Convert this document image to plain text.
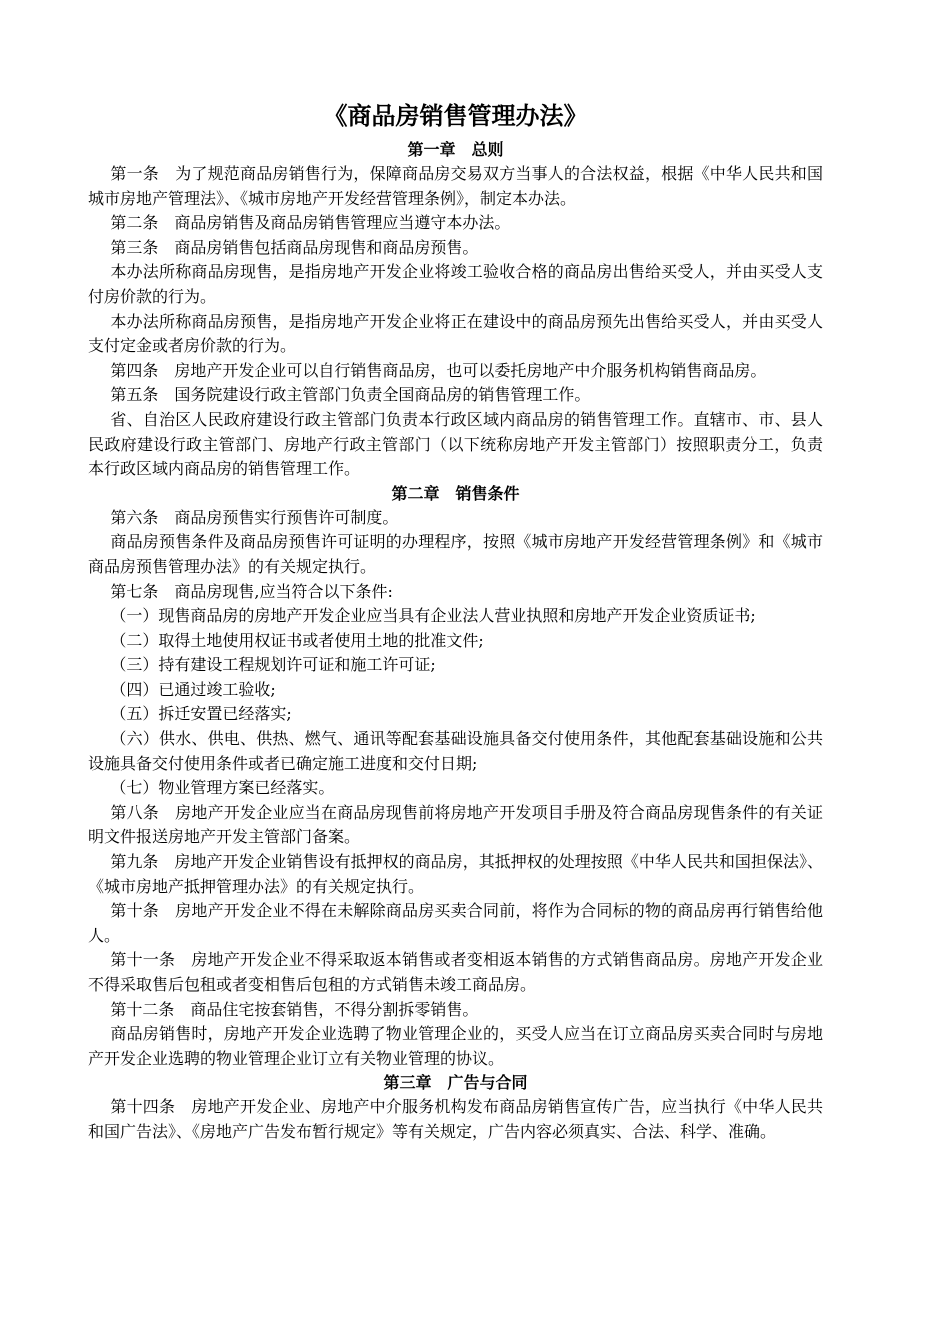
《商品房销售管理办法》
第一章　总则

第一条　为了规范商品房销售行为，保障商品房交易双方当事人的合法权益，根据《中华人民共和国城市房地产管理法》、《城市房地产开发经营管理条例》，制定本办法。

第二条　商品房销售及商品房销售管理应当遵守本办法。

第三条　商品房销售包括商品房现售和商品房预售。

本办法所称商品房现售，是指房地产开发企业将竣工验收合格的商品房出售给买受人，并由买受人支付房价款的行为。

本办法所称商品房预售，是指房地产开发企业将正在建设中的商品房预先出售给买受人，并由买受人支付定金或者房价款的行为。

第四条　房地产开发企业可以自行销售商品房，也可以委托房地产中介服务机构销售商品房。

第五条　国务院建设行政主管部门负责全国商品房的销售管理工作。

省、自治区人民政府建设行政主管部门负责本行政区域内商品房的销售管理工作。直辖市、市、县人民政府建设行政主管部门、房地产行政主管部门（以下统称房地产开发主管部门）按照职责分工，负责本行政区域内商品房的销售管理工作。

第二章　销售条件

第六条　商品房预售实行预售许可制度。

商品房预售条件及商品房预售许可证明的办理程序，按照《城市房地产开发经营管理条例》和《城市商品房预售管理办法》的有关规定执行。

第七条　商品房现售,应当符合以下条件:

（一）现售商品房的房地产开发企业应当具有企业法人营业执照和房地产开发企业资质证书;

（二）取得土地使用权证书或者使用土地的批准文件;

（三）持有建设工程规划许可证和施工许可证;

（四）已通过竣工验收;

（五）拆迁安置已经落实;

（六）供水、供电、供热、燃气、通讯等配套基础设施具备交付使用条件，其他配套基础设施和公共设施具备交付使用条件或者已确定施工进度和交付日期;

（七）物业管理方案已经落实。

第八条　房地产开发企业应当在商品房现售前将房地产开发项目手册及符合商品房现售条件的有关证明文件报送房地产开发主管部门备案。

第九条　房地产开发企业销售设有抵押权的商品房，其抵押权的处理按照《中华人民共和国担保法》、《城市房地产抵押管理办法》的有关规定执行。

第十条　房地产开发企业不得在未解除商品房买卖合同前，将作为合同标的物的商品房再行销售给他人。

第十一条　房地产开发企业不得采取返本销售或者变相返本销售的方式销售商品房。房地产开发企业不得采取售后包租或者变相售后包租的方式销售未竣工商品房。

第十二条　商品住宅按套销售，不得分割拆零销售。

商品房销售时，房地产开发企业选聘了物业管理企业的，买受人应当在订立商品房买卖合同时与房地产开发企业选聘的物业管理企业订立有关物业管理的协议。

第三章　广告与合同

第十四条　房地产开发企业、房地产中介服务机构发布商品房销售宣传广告，应当执行《中华人民共和国广告法》、《房地产广告发布暂行规定》等有关规定，广告内容必须真实、合法、科学、准确。
